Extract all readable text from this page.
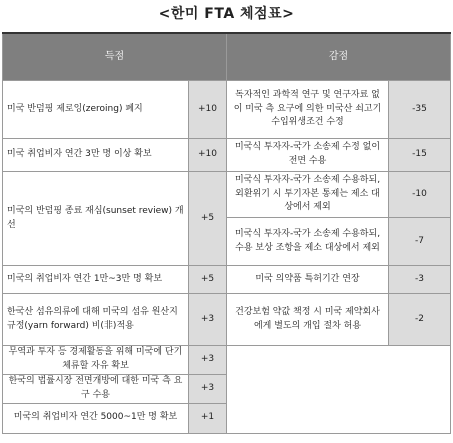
<한미 FTA 체점표>
득점		감점	
미국 반덤핑 제로잉(zeroing) 폐지	+10	독자적인 과학적 연구 및 연구자료 없이 미국 측 요구에 의한 미국산 쇠고기 수입위생조건 수정	-35
미국 취업비자 연간 3만 명 이상 확보	+10	미국식 투자자-국가 소송제 수정 없이 전면 수용	-15
미국의 반덤핑 종료 재심(sunset review) 개선	+5	미국식 투자자-국가 소송제 수용하되, 외환위기 시 투기자본 통제는 제소 대상에서 제외	-10
		미국식 투자자-국가 소송제 수용하되, 수용 보상 조항을 제소 대상에서 제외	-7
미국의 취업비자 연간 1만~3만 명 확보	+5	미국 의약품 특허기간 연장	-3
한국산 섬유의류에 대해 미국의 섬유 원산지 규정(yarn forward) 비(非)적용	+3	건강보험 약값 책정 시 미국 제약회사에게 별도의 개입 절차 허용	-2
무역과 투자 등 경제활동을 위해 미국에 단기 체류할 자유 확보	+3		
한국의 법률시장 전면개방에 대한 미국 측 요구 수용	+3		
미국의 취업비자 연간 5000~1만 명 확보	+1		
